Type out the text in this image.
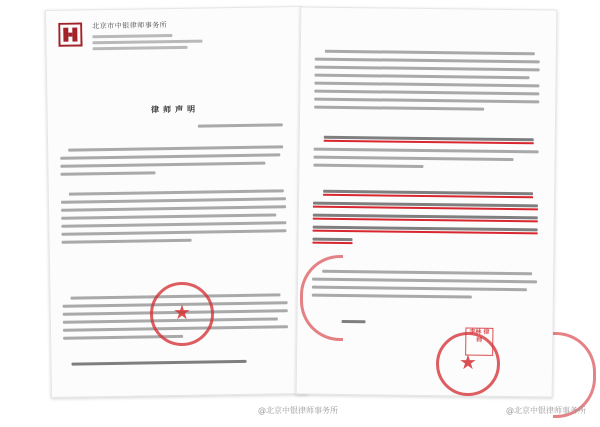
北京市中银律师事务所
律师声明
李林 律师
★
★
@北京中银律师事务所	@北京中银律师事务所
